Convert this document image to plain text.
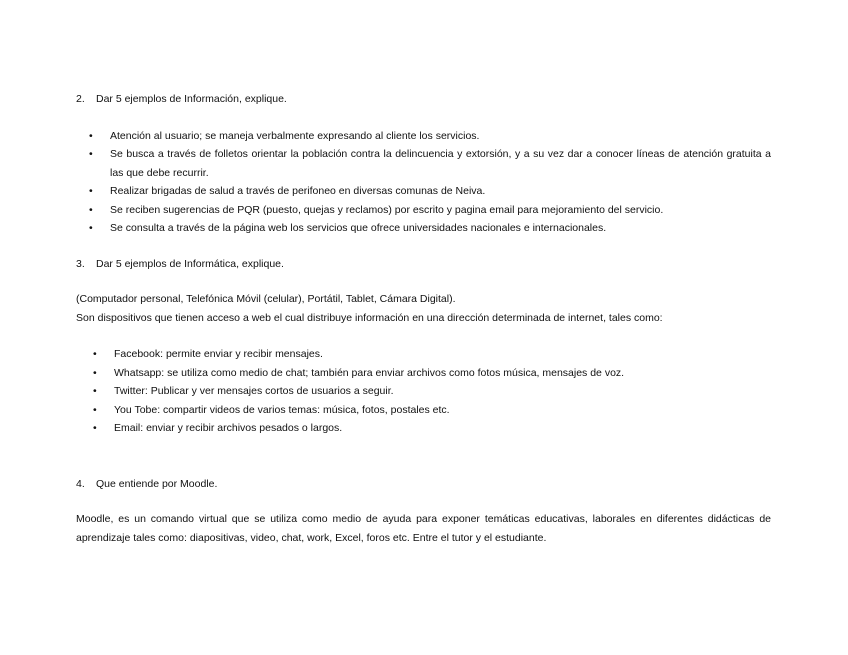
2.	Dar 5 ejemplos de Información, explique.
• Atención al usuario; se maneja verbalmente expresando al cliente los servicios.
• Se busca a través de folletos orientar la población contra la delincuencia y extorsión, y a su vez dar a conocer líneas de atención gratuita a las que debe recurrir.
• Realizar brigadas de salud a través de perifoneo en diversas comunas de Neiva.
• Se reciben sugerencias de PQR (puesto, quejas y reclamos) por escrito y pagina email para mejoramiento del servicio.
• Se consulta a través de la página web los servicios que ofrece universidades nacionales e internacionales.
3.	Dar 5 ejemplos de Informática, explique.

(Computador personal, Telefónica Móvil (celular), Portátil, Tablet, Cámara Digital).

Son dispositivos que tienen acceso a web el cual distribuye información en una dirección determinada de internet, tales como:

• Facebook: permite enviar y recibir mensajes.
• Whatsapp: se utiliza como medio de chat; también para enviar archivos como fotos música, mensajes de voz.
• Twitter: Publicar y ver mensajes cortos de usuarios a seguir.
• You Tobe: compartir videos de varios temas: música, fotos, postales etc.
• Email: enviar y recibir archivos pesados o largos.
4.	Que entiende por Moodle.

Moodle, es un comando virtual que se utiliza como medio de ayuda para exponer temáticas educativas, laborales en diferentes didácticas de aprendizaje tales como: diapositivas, video, chat, work, Excel, foros etc. Entre el tutor y el estudiante.
